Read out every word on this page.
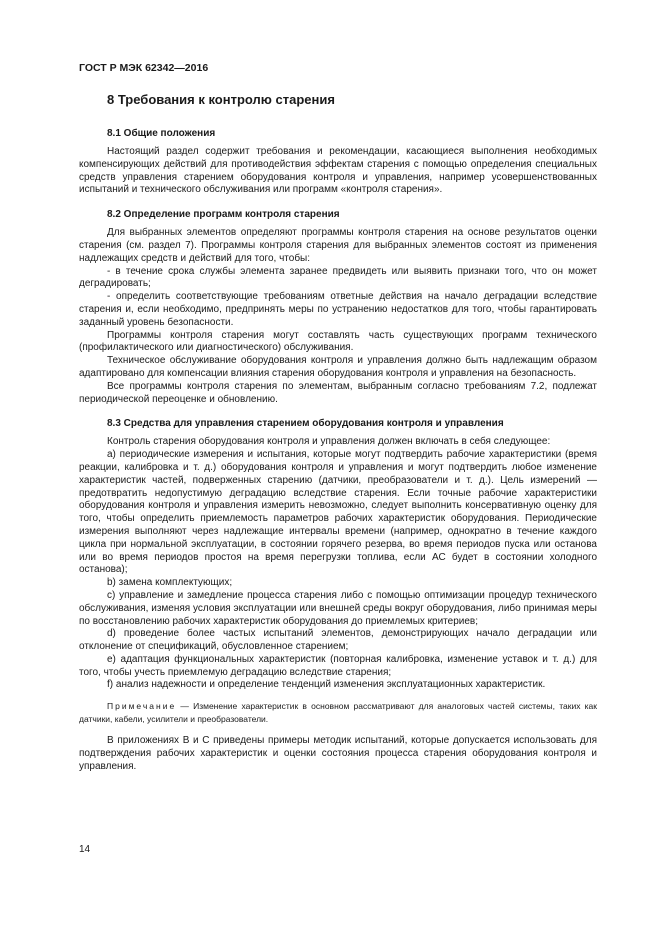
ГОСТ Р МЭК 62342—2016
8 Требования к контролю старения
8.1 Общие положения

Настоящий раздел содержит требования и рекомендации, касающиеся выполнения необходимых компенсирующих действий для противодействия эффектам старения с помощью определения специальных средств управления старением оборудования контроля и управления, например усовершенствованных испытаний и технического обслуживания или программ «контроля старения».

8.2 Определение программ контроля старения

Для выбранных элементов определяют программы контроля старения на основе результатов оценки старения (см. раздел 7). Программы контроля старения для выбранных элементов состоят из применения надлежащих средств и действий для того, чтобы:

- в течение срока службы элемента заранее предвидеть или выявить признаки того, что он может деградировать;

- определить соответствующие требованиям ответные действия на начало деградации вследствие старения и, если необходимо, предпринять меры по устранению недостатков для того, чтобы гарантировать заданный уровень безопасности.

Программы контроля старения могут составлять часть существующих программ технического (профилактического или диагностического) обслуживания.

Техническое обслуживание оборудования контроля и управления должно быть надлежащим образом адаптировано для компенсации влияния старения оборудования контроля и управления на безопасность.

Все программы контроля старения по элементам, выбранным согласно требованиям 7.2, подлежат периодической переоценке и обновлению.

8.3 Средства для управления старением оборудования контроля и управления

Контроль старения оборудования контроля и управления должен включать в себя следующее:

a) периодические измерения и испытания, которые могут подтвердить рабочие характеристики (время реакции, калибровка и т. д.) оборудования контроля и управления и могут подтвердить любое изменение характеристик частей, подверженных старению (датчики, преобразователи и т. д.). Цель измерений — предотвратить недопустимую деградацию вследствие старения. Если точные рабочие характеристики оборудования контроля и управления измерить невозможно, следует выполнить консервативную оценку для того, чтобы определить приемлемость параметров рабочих характеристик оборудования. Периодические измерения выполняют через надлежащие интервалы времени (например, однократно в течение каждого цикла при нормальной эксплуатации, в состоянии горячего резерва, во время периодов пуска или останова или во время периодов простоя на время перегрузки топлива, если АС будет в состоянии холодного останова);

b) замена комплектующих;

c) управление и замедление процесса старения либо с помощью оптимизации процедур технического обслуживания, изменяя условия эксплуатации или внешней среды вокруг оборудования, либо принимая меры по восстановлению рабочих характеристик оборудования до приемлемых критериев;

d) проведение более частых испытаний элементов, демонстрирующих начало деградации или отклонение от спецификаций, обусловленное старением;

e) адаптация функциональных характеристик (повторная калибровка, изменение уставок и т. д.) для того, чтобы учесть приемлемую деградацию вследствие старения;

f) анализ надежности и определение тенденций изменения эксплуатационных характеристик.

Примечание — Изменение характеристик в основном рассматривают для аналоговых частей системы, таких как датчики, кабели, усилители и преобразователи.

В приложениях В и С приведены примеры методик испытаний, которые допускается использовать для подтверждения рабочих характеристик и оценки состояния процесса старения оборудования контроля и управления.

14
